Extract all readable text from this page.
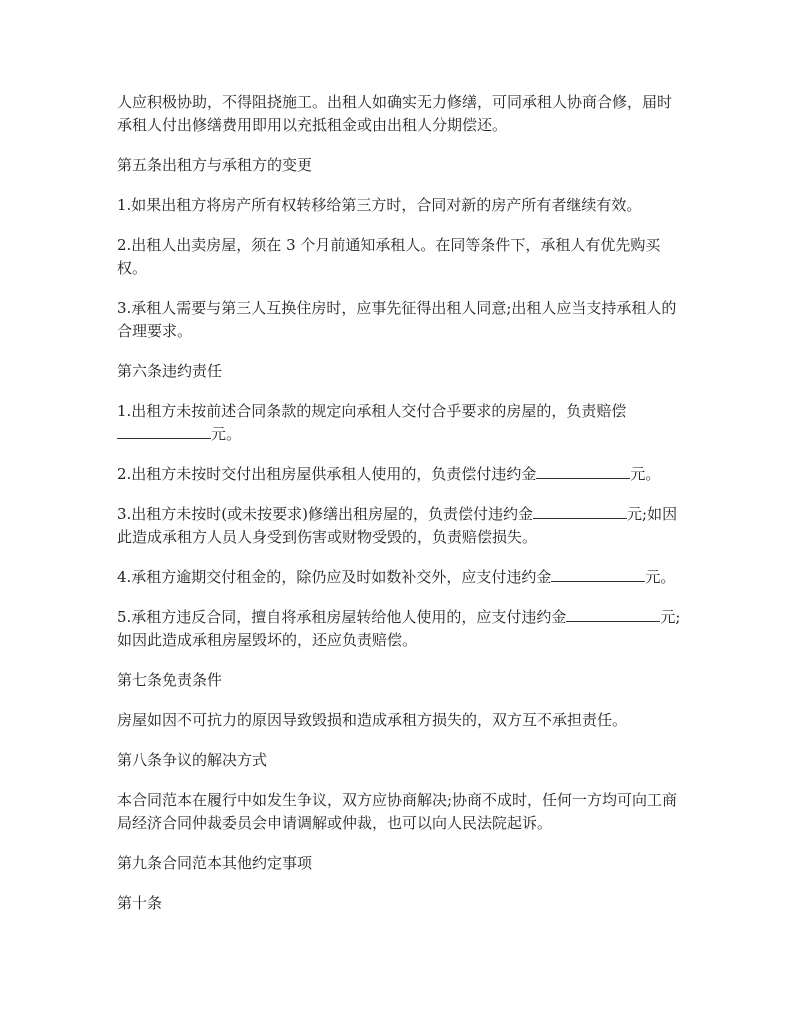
人应积极协助，不得阻挠施工。出租人如确实无力修缮，可同承租人协商合修，届时承租人付出修缮费用即用以充抵租金或由出租人分期偿还。

第五条出租方与承租方的变更

1.如果出租方将房产所有权转移给第三方时，合同对新的房产所有者继续有效。

2.出租人出卖房屋，须在 3 个月前通知承租人。在同等条件下，承租人有优先购买权。

3.承租人需要与第三人互换住房时，应事先征得出租人同意;出租人应当支持承租人的合理要求。

第六条违约责任

1.出租方未按前述合同条款的规定向承租人交付合乎要求的房屋的，负责赔偿元。

2.出租方未按时交付出租房屋供承租人使用的，负责偿付违约金	元。

3.出租方未按时(或未按要求)修缮出租房屋的，负责偿付违约金	元;如因此造成承租方人员人身受到伤害或财物受毁的，负责赔偿损失。

4.承租方逾期交付租金的，除仍应及时如数补交外，应支付违约金	元。

5.承租方违反合同，擅自将承租房屋转给他人使用的，应支付违约金	元;如因此造成承租房屋毁坏的，还应负责赔偿。

第七条免责条件

房屋如因不可抗力的原因导致毁损和造成承租方损失的，双方互不承担责任。

第八条争议的解决方式

本合同范本在履行中如发生争议，双方应协商解决;协商不成时，任何一方均可向工商局经济合同仲裁委员会申请调解或仲裁，也可以向人民法院起诉。

第九条合同范本其他约定事项

第十条
